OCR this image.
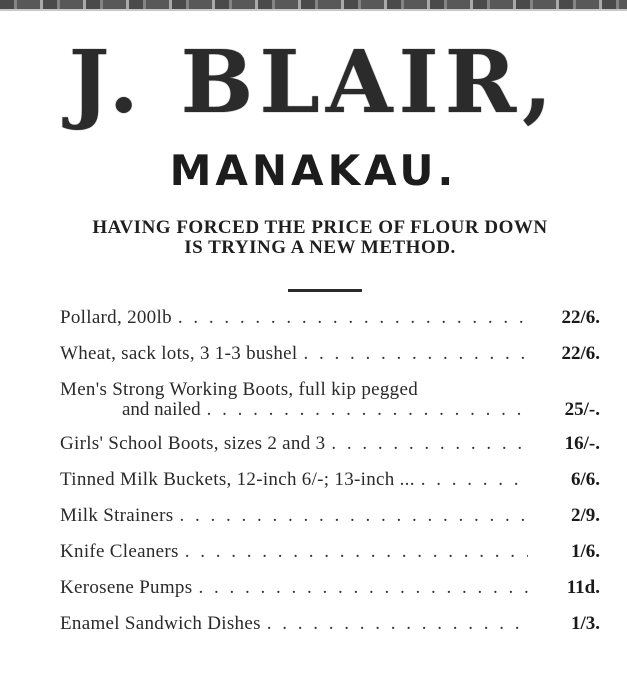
J. BLAIR,
MANAKAU.
HAVING FORCED THE PRICE OF FLOUR DOWN
IS TRYING A NEW METHOD.
Pollard, 200lb . . .	22/6.
Wheat, sack lots, 3 1-3 bushel . . .	22/6.
Men's Strong Working Boots, full kip pegged
and nailed . . .	25/-.
Girls' School Boots, sizes 2 and 3 . . .	16/-.
Tinned Milk Buckets, 12-inch 6/-; 13-inch ... . . .	6/6.
Milk Strainers . . .	2/9.
Knife Cleaners . . .	1/6.
Kerosene Pumps . . .	11d.
Enamel Sandwich Dishes . . .	1/3.
